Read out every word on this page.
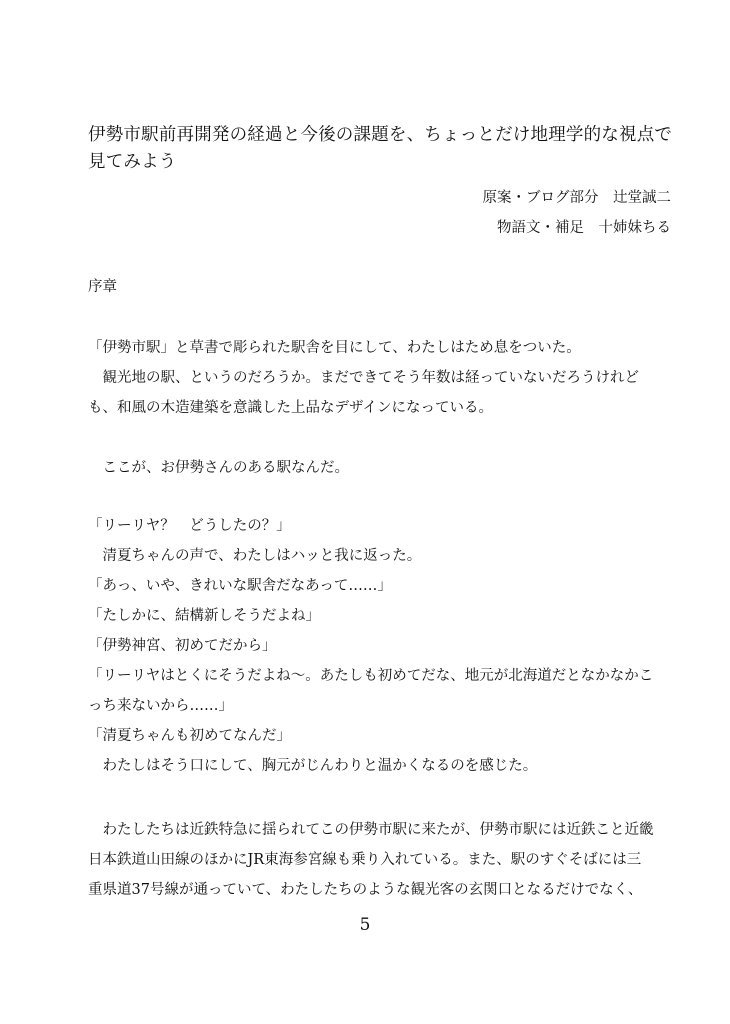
伊勢市駅前再開発の経過と今後の課題を、ちょっとだけ地理学的な視点で
見てみよう
原案・ブログ部分　辻堂誠二
物語文・補足　十姉妹ちる
序章
「伊勢市駅」と草書で彫られた駅舎を目にして、わたしはため息をついた。
　観光地の駅、というのだろうか。まだできてそう年数は経っていないだろうけれど
も、和風の木造建築を意識した上品なデザインになっている。
　ここが、お伊勢さんのある駅なんだ。
「リーリヤ？　どうしたの？」
　清夏ちゃんの声で、わたしはハッと我に返った。
「あっ、いや、きれいな駅舎だなあって……」
「たしかに、結構新しそうだよね」
「伊勢神宮、初めてだから」
「リーリヤはとくにそうだよね～。あたしも初めてだな、地元が北海道だとなかなかこ
っち来ないから……」
「清夏ちゃんも初めてなんだ」
　わたしはそう口にして、胸元がじんわりと温かくなるのを感じた。
　わたしたちは近鉄特急に揺られてこの伊勢市駅に来たが、伊勢市駅には近鉄こと近畿
日本鉄道山田線のほかにJR東海参宮線も乗り入れている。また、駅のすぐそばには三
重県道37号線が通っていて、わたしたちのような観光客の玄関口となるだけでなく、
5
